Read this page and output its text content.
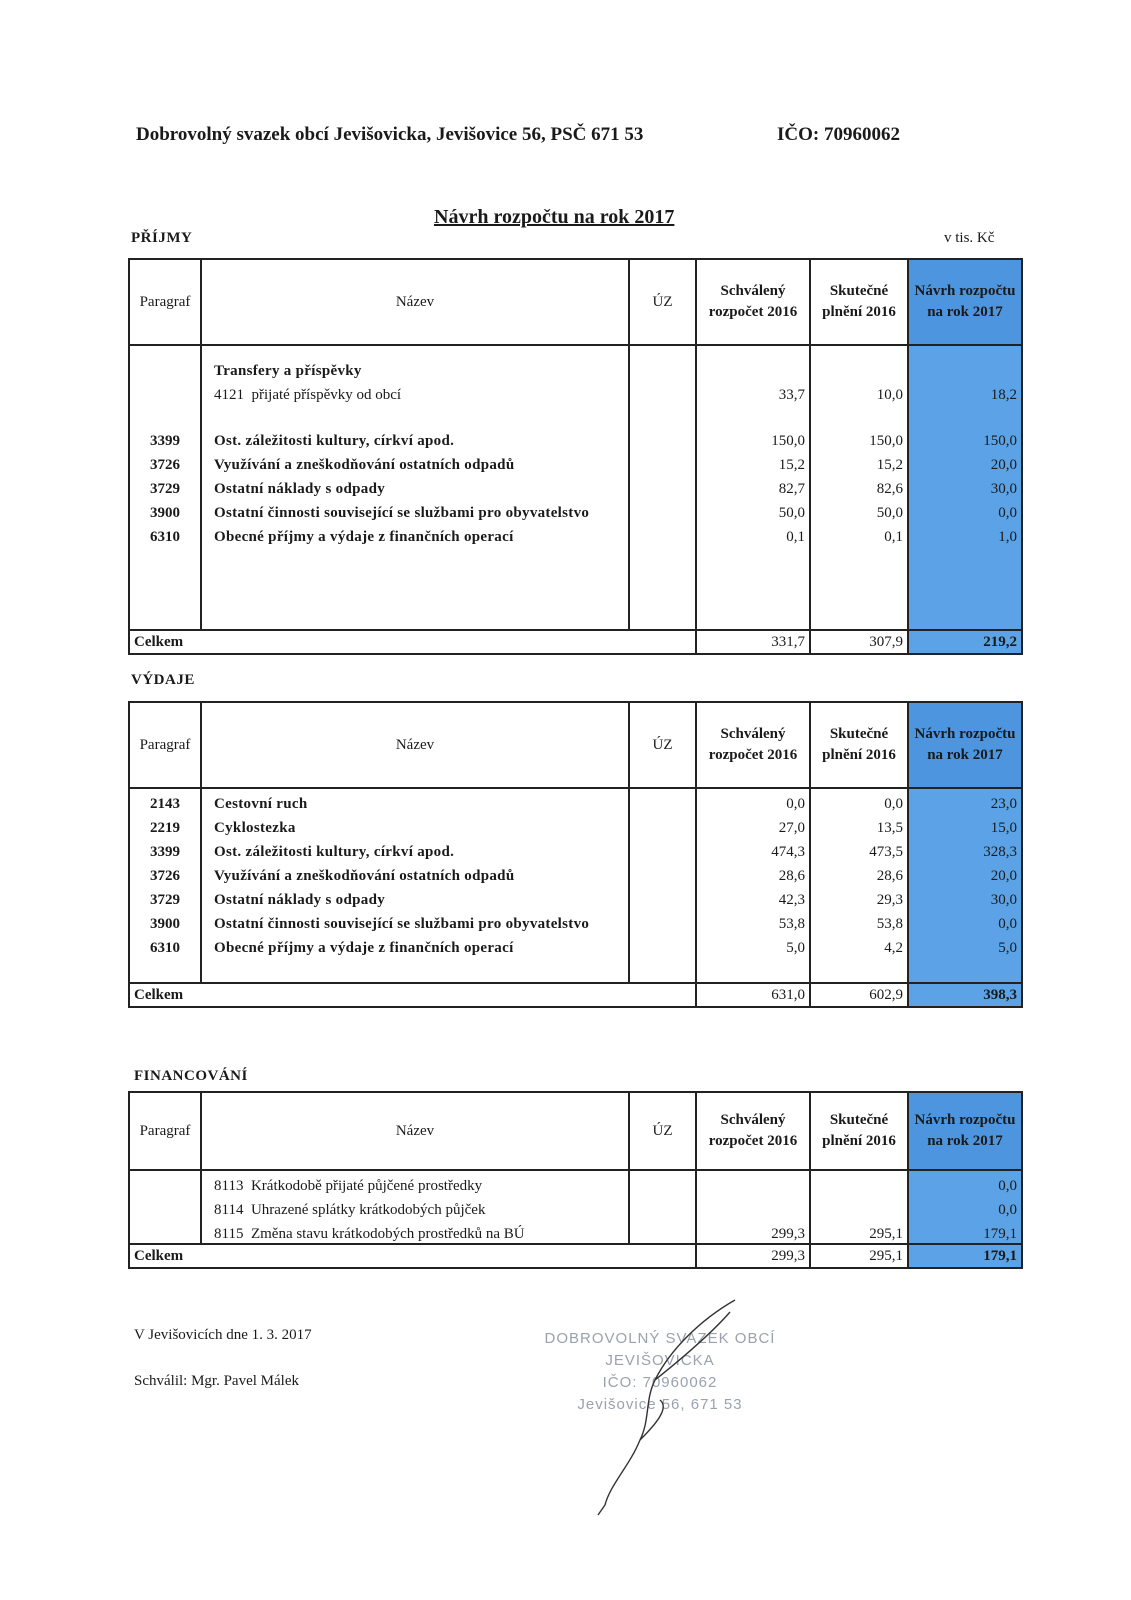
Dobrovolný svazek obcí Jevišovicka, Jevišovice 56, PSČ 671 53	IČO: 70960062
Návrh rozpočtu na rok 2017
PŘÍJMY	v tis. Kč
Paragraf	Název	ÚZ	Schválený rozpočet 2016	Skutečné plnění 2016	Návrh rozpočtu na rok 2017

	Transfery a příspěvky				
	4121 přijaté příspěvky od obcí		33,7	10,0	18,2

3399	Ost. záležitosti kultury, církví apod.		150,0	150,0	150,0
3726	Využívání a zneškodňování ostatních odpadů		15,2	15,2	20,0
3729	Ostatní náklady s odpady		82,7	82,6	30,0
3900	Ostatní činnosti související se službami pro obyvatelstvo		50,0	50,0	0,0
6310	Obecné příjmy a výdaje z finančních operací		0,1	0,1	1,0

Celkem			331,7	307,9	219,2
VÝDAJE
Paragraf	Název	ÚZ	Schválený rozpočet 2016	Skutečné plnění 2016	Návrh rozpočtu na rok 2017
2143	Cestovní ruch		0,0	0,0	23,0
2219	Cyklostezka		27,0	13,5	15,0
3399	Ost. záležitosti kultury, církví apod.		474,3	473,5	328,3
3726	Využívání a zneškodňování ostatních odpadů		28,6	28,6	20,0
3729	Ostatní náklady s odpady		42,3	29,3	30,0
3900	Ostatní činnosti související se službami pro obyvatelstvo		53,8	53,8	0,0
6310	Obecné příjmy a výdaje z finančních operací		5,0	4,2	5,0

Celkem			631,0	602,9	398,3
FINANCOVÁNÍ
Paragraf	Název	ÚZ	Schválený rozpočet 2016	Skutečné plnění 2016	Návrh rozpočtu na rok 2017
	8113 Krátkodobě přijaté půjčené prostředky				0,0
	8114 Uhrazené splátky krátkodobých půjček				0,0
	8115 Změna stavu krátkodobých prostředků na BÚ		299,3	295,1	179,1
Celkem			299,3	295,1	179,1
V Jevišovicích dne 1. 3. 2017
Schválil: Mgr. Pavel Málek
DOBROVOLNÝ SVAZEK OBCÍ
JEVIŠOVICKA
IČO: 70960062
Jevišovice 56, 671 53
